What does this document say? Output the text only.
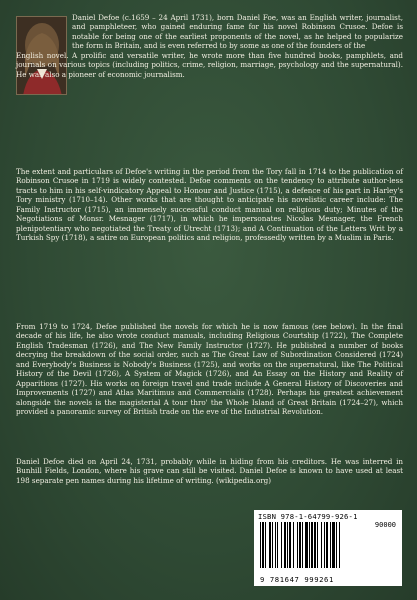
Daniel Defoe (c.1659 – 24 April 1731), born Daniel Foe, was an English writer, journalist, and pamphleteer, who gained enduring fame for his novel Robinson Crusoe. Defoe is notable for being one of the earliest proponents of the novel, as he helped to popularize the form in Britain, and is even referred to by some as one of the founders of the
English novel. A prolific and versatile writer, he wrote more than five hundred books, pamphlets, and journals on various topics (including politics, crime, religion, marriage, psychology and the supernatural). He was also a pioneer of economic journalism.

The extent and particulars of Defoe's writing in the period from the Tory fall in 1714 to the publication of Robinson Crusoe in 1719 is widely contested. Defoe comments on the tendency to attribute author-less tracts to him in his self-vindicatory Appeal to Honour and Justice (1715), a defence of his part in Harley's Tory ministry (1710–14). Other works that are thought to anticipate his novelistic career include: The Family Instructor (1715), an immensely successful conduct manual on religious duty; Minutes of the Negotiations of Monsr. Mesnager (1717), in which he impersonates Nicolas Mesnager, the French plenipotentiary who negotiated the Treaty of Utrecht (1713); and A Continuation of the Letters Writ by a Turkish Spy (1718), a satire on European politics and religion, professedly written by a Muslim in Paris.

From 1719 to 1724, Defoe published the novels for which he is now famous (see below). In the final decade of his life, he also wrote conduct manuals, including Religious Courtship (1722), The Complete English Tradesman (1726), and The New Family Instructor (1727). He published a number of books decrying the breakdown of the social order, such as The Great Law of Subordination Considered (1724) and Everybody's Business is Nobody's Business (1725), and works on the supernatural, like The Political History of the Devil (1726), A System of Magick (1726), and An Essay on the History and Reality of Apparitions (1727). His works on foreign travel and trade include A General History of Discoveries and Improvements (1727) and Atlas Maritimus and Commercialis (1728). Perhaps his greatest achievement alongside the novels is the magisterial A tour thro' the Whole Island of Great Britain (1724–27), which provided a panoramic survey of British trade on the eve of the Industrial Revolution.

Daniel Defoe died on April 24, 1731, probably while in hiding from his creditors. He was interred in Bunhill Fields, London, where his grave can still be visited. Daniel Defoe is known to have used at least 198 separate pen names during his lifetime of writing. (wikipedia.org)

ISBN 978-1-64799-926-1
90000
9 781647 999261
